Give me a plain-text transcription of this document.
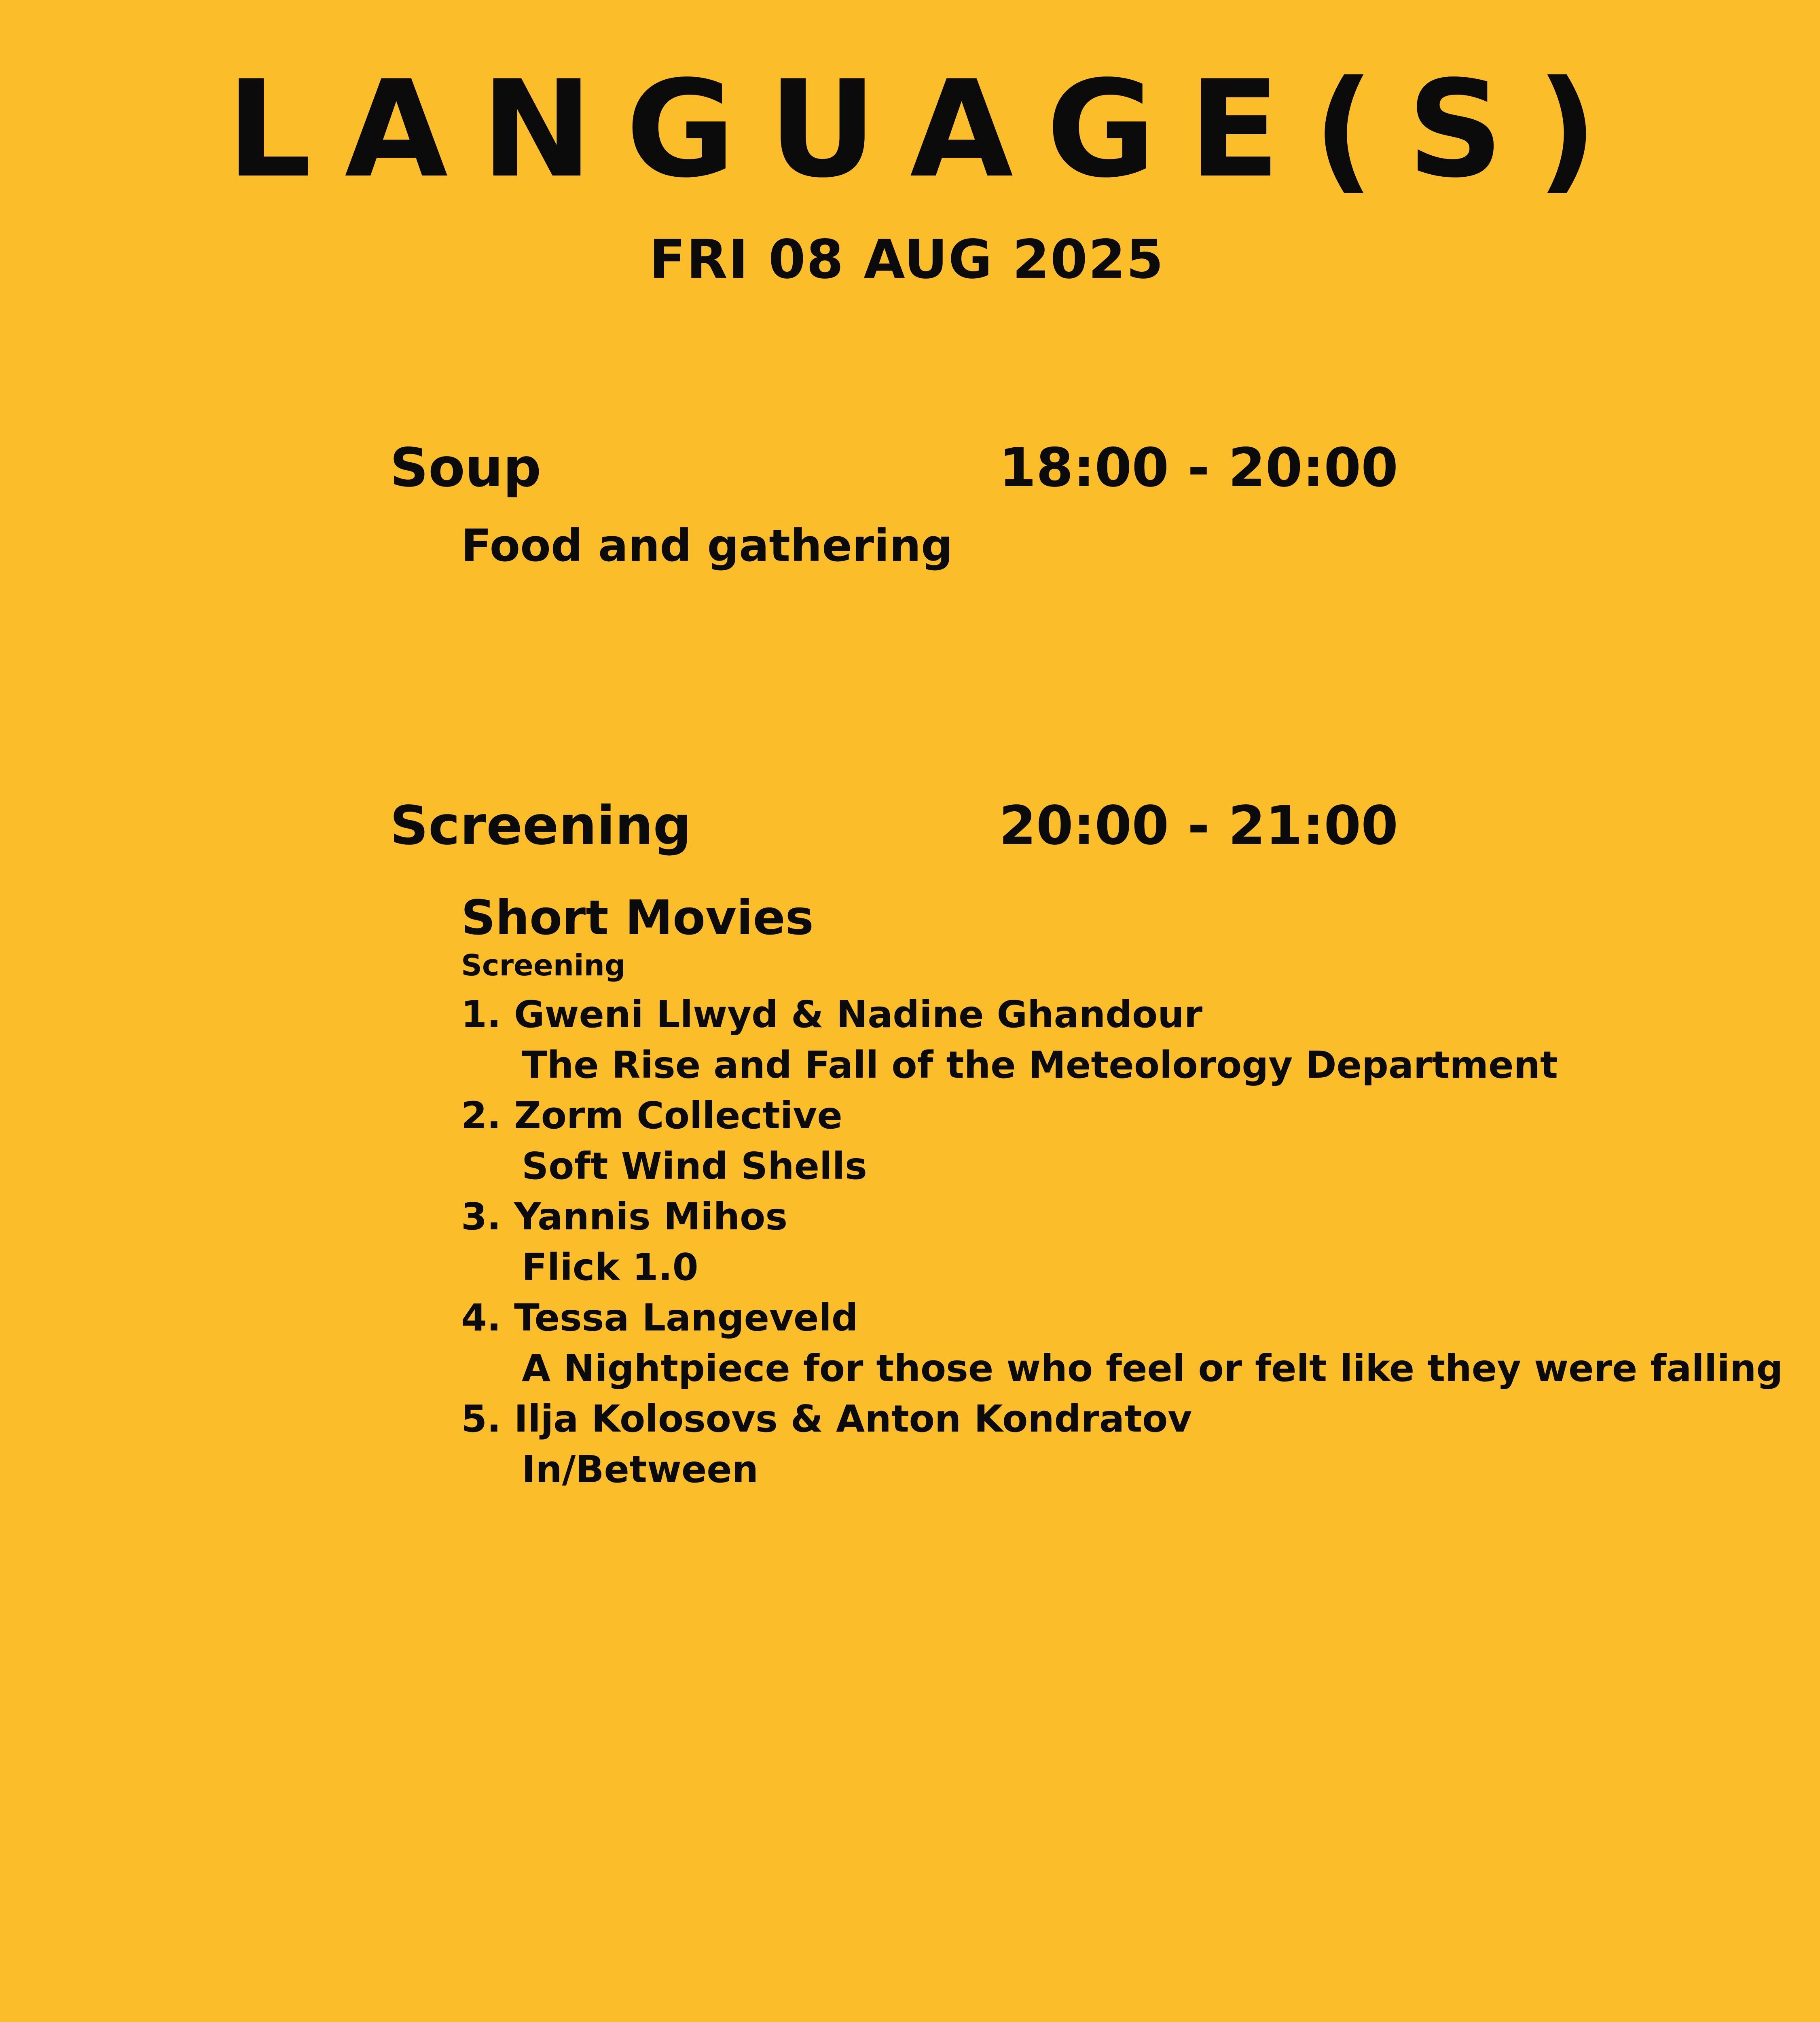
L A N G U A G E ( S )
FRI 08 AUG 2025
Soup	18:00 - 20:00
Food and gathering
Screening	20:00 - 21:00
Short Movies
Screening
1. Gweni Llwyd & Nadine Ghandour
The Rise and Fall of the Meteolorogy Department
2. Zorm Collective
Soft Wind Shells
3. Yannis Mihos
Flick 1.0
4. Tessa Langeveld
A Nightpiece for those who feel or felt like they were falling
5. Ilja Kolosovs & Anton Kondratov
In/Between
